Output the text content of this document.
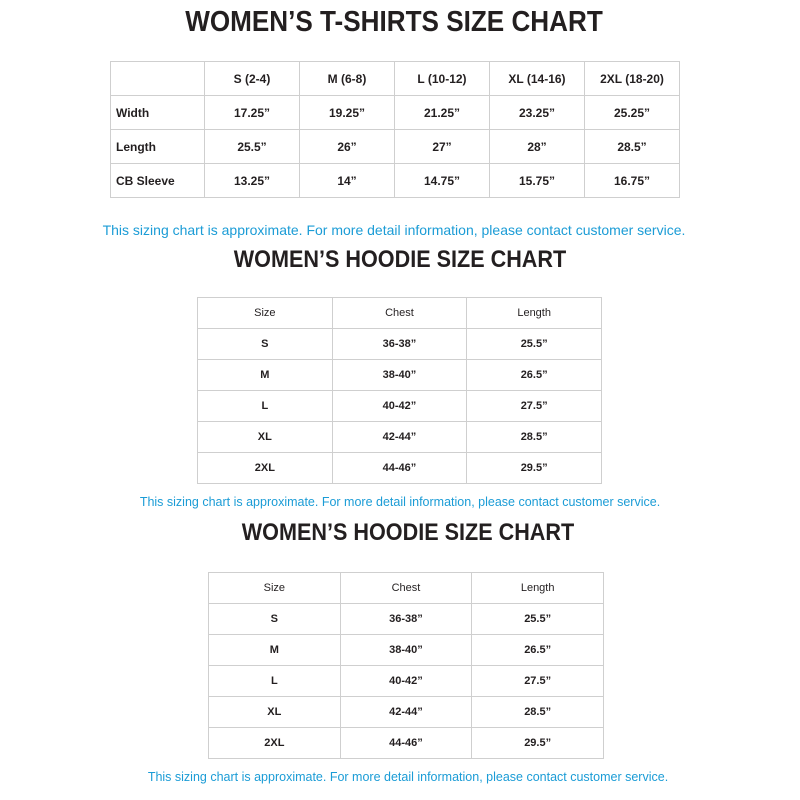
WOMEN’S T-SHIRTS SIZE CHART
	S (2-4)	M (6-8)	L (10-12)	XL (14-16)	2XL (18-20)
Width	17.25”	19.25”	21.25”	23.25”	25.25”
Length	25.5”	26”	27”	28”	28.5”
CB Sleeve	13.25”	14”	14.75”	15.75”	16.75”

This sizing chart is approximate. For more detail information, please contact customer service.

WOMEN’S HOODIE SIZE CHART
Size	Chest	Length
S	36-38”	25.5”
M	38-40”	26.5”
L	40-42”	27.5”
XL	42-44”	28.5”
2XL	44-46”	29.5”

This sizing chart is approximate. For more detail information, please contact customer service.

WOMEN’S HOODIE SIZE CHART
Size	Chest	Length
S	36-38”	25.5”
M	38-40”	26.5”
L	40-42”	27.5”
XL	42-44”	28.5”
2XL	44-46”	29.5”

This sizing chart is approximate. For more detail information, please contact customer service.
